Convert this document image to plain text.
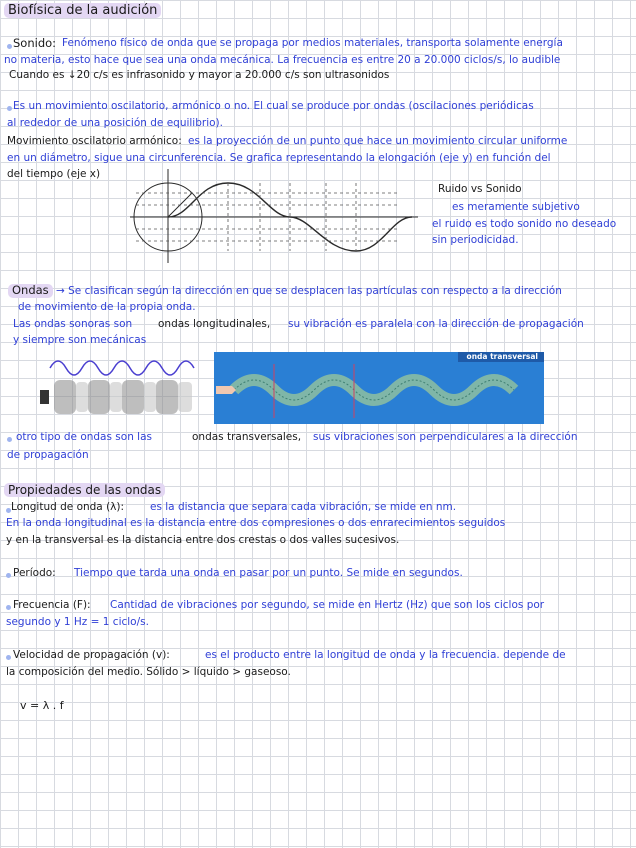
Biofísica de la audición
Sonido: Fenómeno físico de onda que se propaga por medios materiales, transporta solamente energía
no materia, esto hace que sea una onda mecánica. La frecuencia es entre 20 a 20.000 ciclos/s, lo audible
Cuando es ↓20 c/s es infrasonido y mayor a 20.000 c/s son ultrasonidos
Es un movimiento oscilatorio, armónico o no. El cual se produce por ondas (oscilaciones periódicas
al rededor de una posición de equilibrio).
Movimiento oscilatorio armónico: es la proyección de un punto que hace un movimiento circular uniforme
en un diámetro, sigue una circunferencia. Se grafica representando la elongación (eje y) en función del
del tiempo (eje x)
Ruido vs Sonido
es meramente subjetivo
el ruido es todo sonido no deseado
sin periodicidad.
Ondas → Se clasifican según la dirección en que se desplacen las partículas con respecto a la dirección
de movimiento de la propia onda.
Las ondas sonoras son ondas longitudinales, su vibración es paralela con la dirección de propagación
y siempre son mecánicas
onda transversal
otro tipo de ondas son las	ondas transversales, sus vibraciones son perpendiculares a la dirección
de propagación
Propiedades de las ondas
Longitud de onda (λ): es la distancia que separa cada vibración, se mide en nm.
En la onda longitudinal es la distancia entre dos compresiones o dos enrarecimientos seguidos
y en la transversal es la distancia entre dos crestas o dos valles sucesivos.
Período: Tiempo que tarda una onda en pasar por un punto. Se mide en segundos.
Frecuencia (F): Cantidad de vibraciones por segundo, se mide en Hertz (Hz) que son los ciclos por
segundo y 1 Hz = 1 ciclo/s.
Velocidad de propagación (v):	es el producto entre la longitud de onda y la frecuencia. depende de
la composición del medio. Sólido > líquido > gaseoso.
v = λ . f
